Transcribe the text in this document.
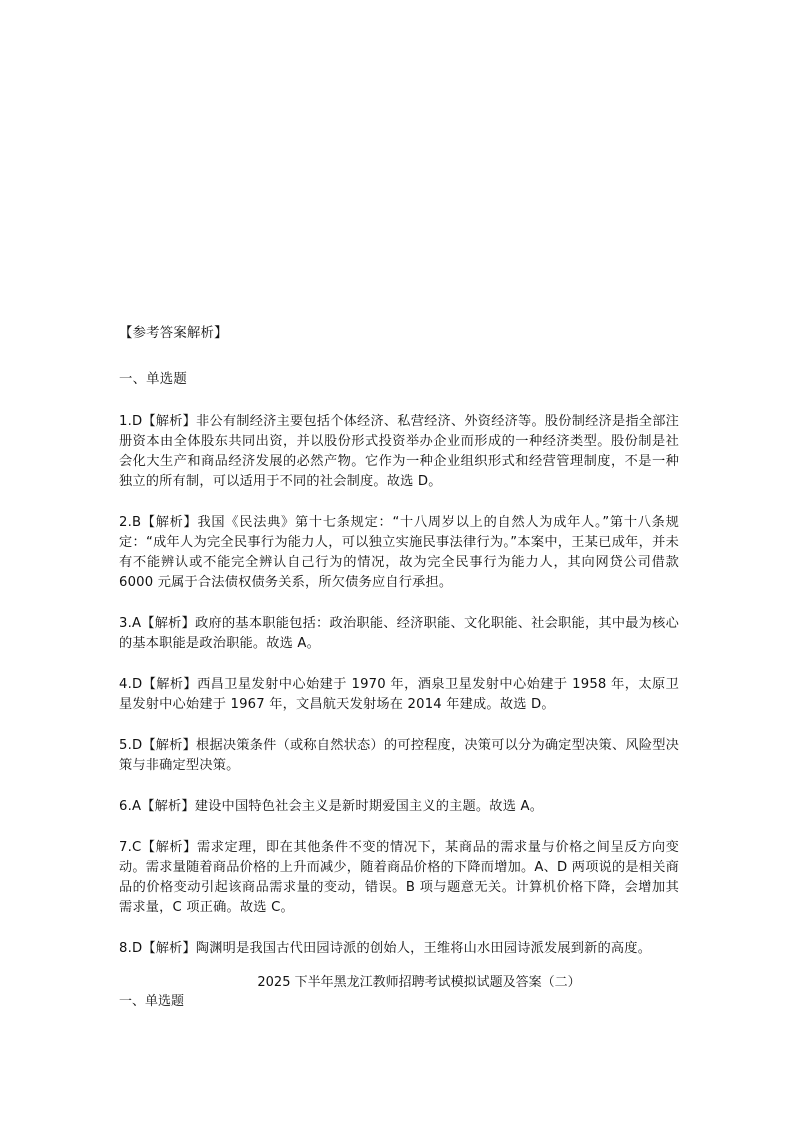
【参考答案解析】

一、单选题

1.D【解析】非公有制经济主要包括个体经济、私营经济、外资经济等。股份制经济是指全部注册资本由全体股东共同出资，并以股份形式投资举办企业而形成的一种经济类型。股份制是社会化大生产和商品经济发展的必然产物。它作为一种企业组织形式和经营管理制度，不是一种独立的所有制，可以适用于不同的社会制度。故选 D。

2.B【解析】我国《民法典》第十七条规定：“十八周岁以上的自然人为成年人。”第十八条规定：“成年人为完全民事行为能力人，可以独立实施民事法律行为。”本案中，王某已成年，并未有不能辨认或不能完全辨认自己行为的情况，故为完全民事行为能力人，其向网贷公司借款 6000 元属于合法债权债务关系，所欠债务应自行承担。

3.A【解析】政府的基本职能包括：政治职能、经济职能、文化职能、社会职能，其中最为核心的基本职能是政治职能。故选 A。

4.D【解析】西昌卫星发射中心始建于 1970 年，酒泉卫星发射中心始建于 1958 年，太原卫星发射中心始建于 1967 年，文昌航天发射场在 2014 年建成。故选 D。

5.D【解析】根据决策条件（或称自然状态）的可控程度，决策可以分为确定型决策、风险型决策与非确定型决策。

6.A【解析】建设中国特色社会主义是新时期爱国主义的主题。故选 A。

7.C【解析】需求定理，即在其他条件不变的情况下，某商品的需求量与价格之间呈反方向变动。需求量随着商品价格的上升而减少，随着商品价格的下降而增加。A、D 两项说的是相关商品的价格变动引起该商品需求量的变动，错误。B 项与题意无关。计算机价格下降，会增加其需求量，C 项正确。故选 C。

8.D【解析】陶渊明是我国古代田园诗派的创始人，王维将山水田园诗派发展到新的高度。

2025 下半年黑龙江教师招聘考试模拟试题及答案（二）

一、单选题
